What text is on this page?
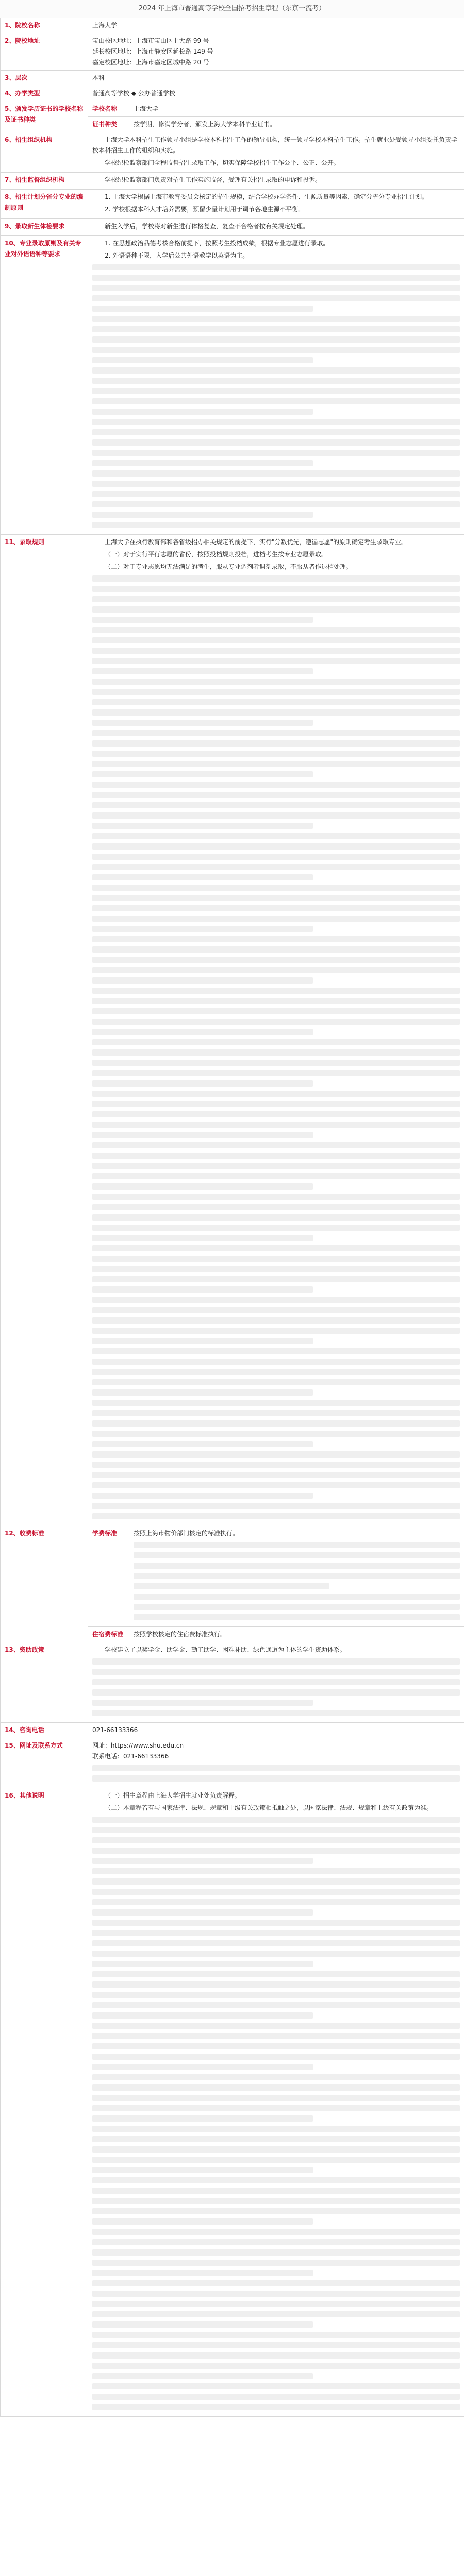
2024 年上海市普通高等学校全国招考招生章程（东京一流考）
1、院校名称	上海大学	

2、院校地址	宝山校区地址：上海市宝山区上大路 99 号
延长校区地址：上海市静安区延长路 149 号
嘉定校区地址：上海市嘉定区城中路 20 号	

3、层次	本科	

4、办学类型	普通高等学校 ◆ 公办普通学校	

5、颁发学历证书的学校名称及证书种类	学校名称	上海大学
	证书种类	按学期，修满学分者，颁发上海大学本科毕业证书。
6、招生组织机构	上海大学本科招生工作领导小组是学校本科招生工作的领导机构，统一领导学校本科招生工作。招生就业处受领导小组委托负责学校本科招生工作的组织和实施。

学校纪检监察部门全程监督招生录取工作，切实保障学校招生工作公平、公正、公开。	

7、招生监督组织机构	学校纪检监察部门负责对招生工作实施监督，受理有关招生录取的申诉和投诉。	

8、招生计划分省分专业的编制原则	1. 上海大学根据上海市教育委员会核定的招生规模，结合学校办学条件、生源质量等因素，确定分省分专业招生计划。

2. 学校根据本科人才培养需要，预留少量计划用于调节各地生源不平衡。	

9、录取新生体检要求	新生入学后，学校将对新生进行体格复查，复查不合格者按有关规定处理。	

10、专业录取原则及有关专业对外语语种等要求	1. 在思想政治品德考核合格前提下，按照考生投档成绩，根据专业志愿进行录取。

2. 外语语种不限，入学后公共外语教学以英语为主。	

11、录取规则	上海大学在执行教育部和各省级招办相关规定的前提下，实行"分数优先，遵循志愿"的原则确定考生录取专业。

（一）对于实行平行志愿的省份，按照投档规则投档，进档考生按专业志愿录取。

（二）对于专业志愿均无法满足的考生，服从专业调剂者调剂录取，不服从者作退档处理。	

12、收费标准	学费标准	按照上海市物价部门核定的标准执行。

	住宿费标准	按照学校核定的住宿费标准执行。
13、资助政策	学校建立了以奖学金、助学金、勤工助学、困难补助、绿色通道为主体的学生资助体系。	

14、咨询电话	021-66133366	

15、网址及联系方式	网址：https://www.shu.edu.cn
联系电话：021-66133366	

16、其他说明	（一）招生章程由上海大学招生就业处负责解释。

（二）本章程若有与国家法律、法规、规章和上级有关政策相抵触之处，以国家法律、法规、规章和上级有关政策为准。	
